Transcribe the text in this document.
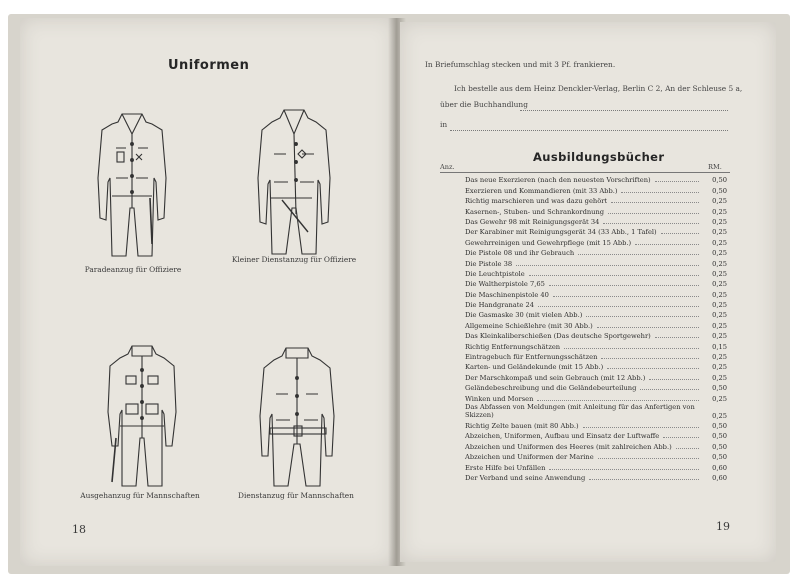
Uniformen
Paradeanzug für Offiziere
Kleiner Dienstanzug für Offiziere
Ausgehanzug für Mannschaften	Dienstanzug für Mannschaften
18
In Briefumschlag stecken und mit 3 Pf. frankieren.
Ich bestelle aus dem Heinz Denckler-Verlag, Berlin C 2, An der Schleuse 5 a,
über die Buchhandlung
in
Ausbildungsbücher
Anz.	RM.
Das neue Exerzieren (nach den neuesten Vorschriften)	0,50
Exerzieren und Kommandieren (mit 33 Abb.)	0,50
Richtig marschieren und was dazu gehört	0,25
Kasernen-, Stuben- und Schrankordnung	0,25
Das Gewehr 98 mit Reinigungsgerät 34	0,25
Der Karabiner mit Reinigungsgerät 34 (33 Abb., 1 Tafel)	0,25
Gewehrreinigen und Gewehrpflege (mit 15 Abb.)	0,25
Die Pistole 08 und ihr Gebrauch	0,25
Die Pistole 38	0,25
Die Leuchtpistole	0,25
Die Waltherpistole 7,65	0,25
Die Maschinenpistole 40	0,25
Die Handgranate 24	0,25
Die Gasmaske 30 (mit vielen Abb.)	0,25
Allgemeine Schießlehre (mit 30 Abb.)	0,25
Das Kleinkaliberschießen (Das deutsche Sportgewehr)	0,25
Richtig Entfernungschätzen	0,15
Eintragebuch für Entfernungsschätzen	0,25
Karten- und Geländekunde (mit 15 Abb.)	0,25
Der Marschkompaß und sein Gebrauch (mit 12 Abb.)	0,25
Geländebeschreibung und die Geländebeurteilung	0,50
Winken und Morsen	0,25
Das Abfassen von Meldungen (mit Anleitung für das Anfertigen von Skizzen)	0,25
Richtig Zelte bauen (mit 80 Abb.)	0,50
Abzeichen, Uniformen, Aufbau und Einsatz der Luftwaffe	0,50
Abzeichen und Uniformen des Heeres (mit zahlreichen Abb.)	0,50
Abzeichen und Uniformen der Marine	0,50
Erste Hilfe bei Unfällen	0,60
Der Verband und seine Anwendung	0,60
19
